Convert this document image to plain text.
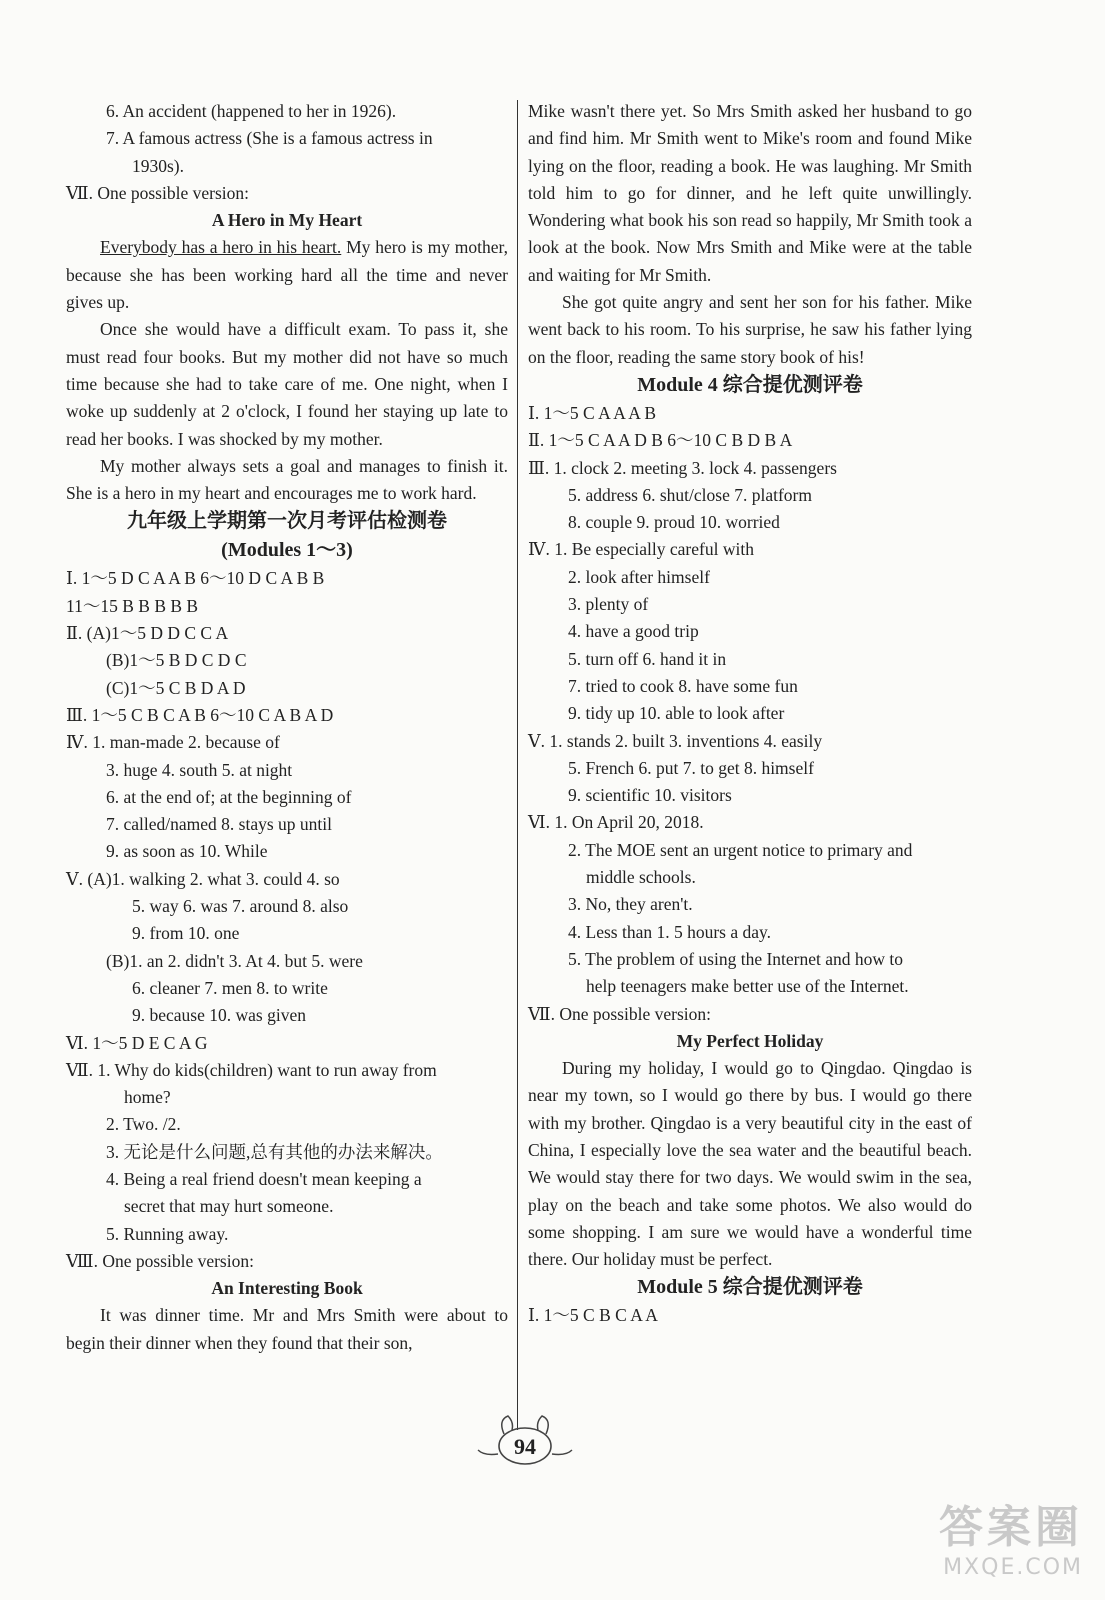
6. An accident (happened to her in 1926).
7. A famous actress (She is a famous actress in
1930s).
Ⅶ. One possible version:
A Hero in My Heart
Everybody has a hero in his heart. My hero is my mother, because she has been working hard all the time and never gives up.
Once she would have a difficult exam. To pass it, she must read four books. But my mother did not have so much time because she had to take care of me. One night, when I woke up suddenly at 2 o'clock, I found her staying up late to read her books. I was shocked by my mother.
My mother always sets a goal and manages to finish it. She is a hero in my heart and encourages me to work hard.
九年级上学期第一次月考评估检测卷
(Modules 1～3)
Ⅰ. 1～5 D C A A B 6～10 D C A B B
11～15 B B B B B
Ⅱ. (A)1～5 D D C C A
(B)1～5 B D C D C
(C)1～5 C B D A D
Ⅲ. 1～5 C B C A B 6～10 C A B A D
Ⅳ. 1. man-made 2. because of
3. huge 4. south 5. at night
6. at the end of; at the beginning of
7. called/named 8. stays up until
9. as soon as 10. While
Ⅴ. (A)1. walking 2. what 3. could 4. so
5. way 6. was 7. around 8. also
9. from 10. one
(B)1. an 2. didn't 3. At 4. but 5. were
6. cleaner 7. men 8. to write
9. because 10. was given
Ⅵ. 1～5 D E C A G
Ⅶ. 1. Why do kids(children) want to run away from
home?
2. Two. /2.
3. 无论是什么问题,总有其他的办法来解决。
4. Being a real friend doesn't mean keeping a
secret that may hurt someone.
5. Running away.
Ⅷ. One possible version:
An Interesting Book
It was dinner time. Mr and Mrs Smith were about to begin their dinner when they found that their son,
Mike wasn't there yet. So Mrs Smith asked her husband to go and find him. Mr Smith went to Mike's room and found Mike lying on the floor, reading a book. He was laughing. Mr Smith told him to go for dinner, and he left quite unwillingly. Wondering what book his son read so happily, Mr Smith took a look at the book. Now Mrs Smith and Mike were at the table and waiting for Mr Smith.
She got quite angry and sent her son for his father. Mike went back to his room. To his surprise, he saw his father lying on the floor, reading the same story book of his!
Module 4 综合提优测评卷
Ⅰ. 1～5 C A A A B
Ⅱ. 1～5 C A A D B 6～10 C B D B A
Ⅲ. 1. clock 2. meeting 3. lock 4. passengers
5. address 6. shut/close 7. platform
8. couple 9. proud 10. worried
Ⅳ. 1. Be especially careful with
2. look after himself
3. plenty of
4. have a good trip
5. turn off 6. hand it in
7. tried to cook 8. have some fun
9. tidy up 10. able to look after
Ⅴ. 1. stands 2. built 3. inventions 4. easily
5. French 6. put 7. to get 8. himself
9. scientific 10. visitors
Ⅵ. 1. On April 20, 2018.
2. The MOE sent an urgent notice to primary and
middle schools.
3. No, they aren't.
4. Less than 1. 5 hours a day.
5. The problem of using the Internet and how to
help teenagers make better use of the Internet.
Ⅶ. One possible version:
My Perfect Holiday
During my holiday, I would go to Qingdao. Qingdao is near my town, so I would go there by bus. I would go there with my brother. Qingdao is a very beautiful city in the east of China, I especially love the sea water and the beautiful beach. We would stay there for two days. We would swim in the sea, play on the beach and take some photos. We also would do some shopping. I am sure we would have a wonderful time there. Our holiday must be perfect.
Module 5 综合提优测评卷
Ⅰ. 1～5 C B C A A
94
答案圈
MXQE.COM
